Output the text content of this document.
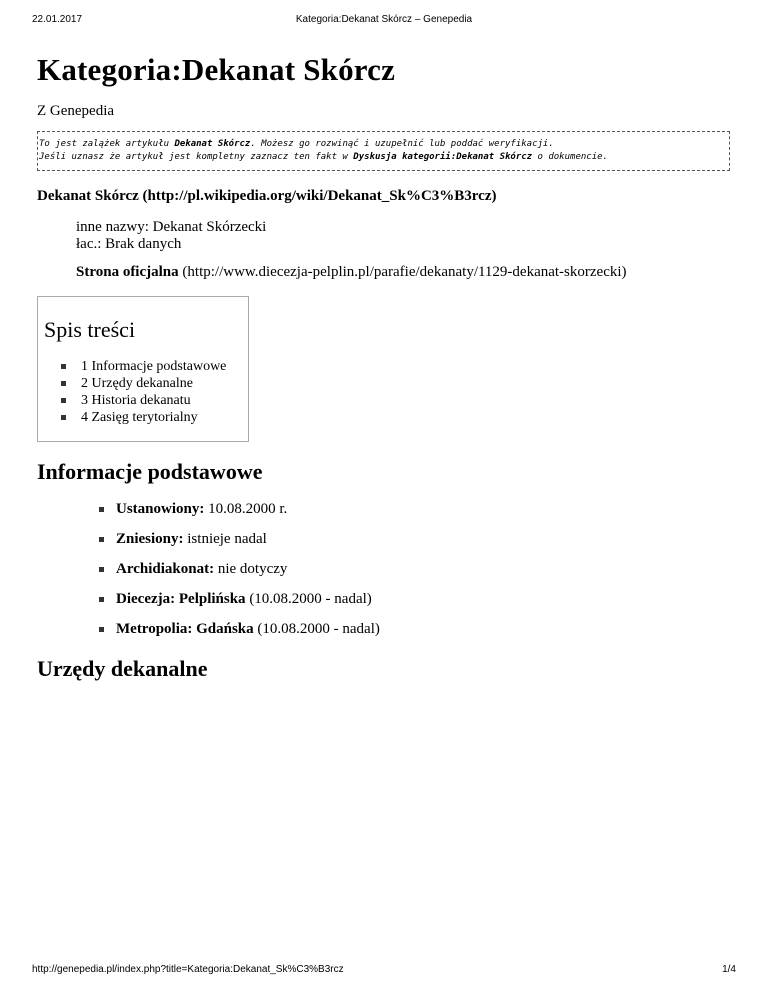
22.01.2017	Kategoria:Dekanat Skórcz – Genepedia
Kategoria:Dekanat Skórcz
Z Genepedia
To jest zalążek artykułu Dekanat Skórcz. Możesz go rozwinąć i uzupełnić lub poddać weryfikacji.
Jeśli uznasz że artykuł jest kompletny zaznacz ten fakt w Dyskusja kategorii:Dekanat Skórcz o dokumencie.
Dekanat Skórcz (http://pl.wikipedia.org/wiki/Dekanat_Sk%C3%B3rcz)
inne nazwy: Dekanat Skórzecki
łac.: Brak danych
Strona oficjalna (http://www.diecezja-pelplin.pl/parafie/dekanaty/1129-dekanat-skorzecki)
Spis treści
1 Informacje podstawowe
2 Urzędy dekanalne
3 Historia dekanatu
4 Zasięg terytorialny
Informacje podstawowe
Ustanowiony: 10.08.2000 r.
Zniesiony: istnieje nadal
Archidiakonat: nie dotyczy
Diecezja: Pelplińska (10.08.2000 - nadal)
Metropolia: Gdańska (10.08.2000 - nadal)
Urzędy dekanalne
http://genepedia.pl/index.php?title=Kategoria:Dekanat_Sk%C3%B3rcz	1/4
